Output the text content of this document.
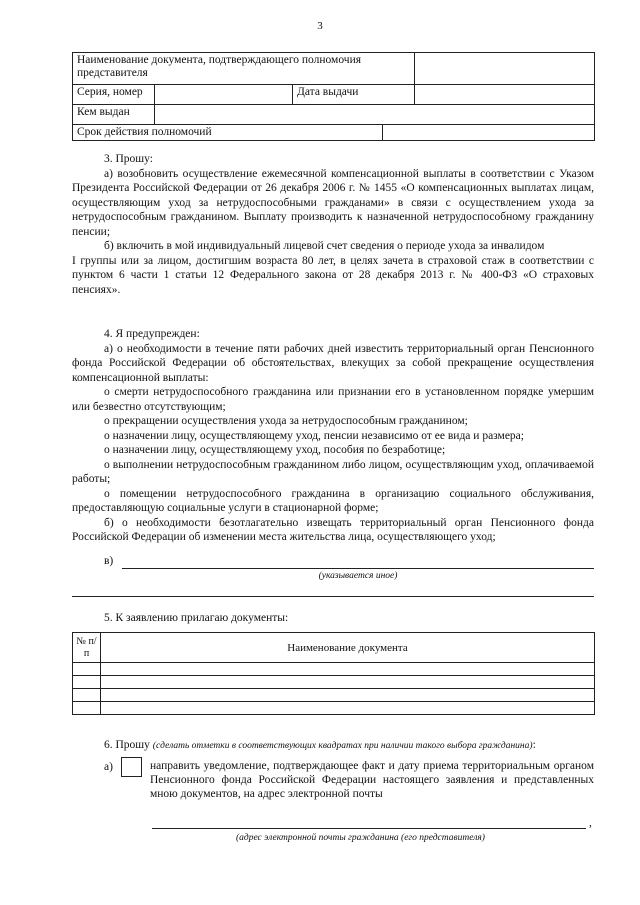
3
Наименование документа, подтверждающего полномочия представителя				
Серия, номер		Дата выдачи		
Кем выдан				
Срок действия полномочий				

3. Прошу:

а) возобновить осуществление ежемесячной компенсационной выплаты в соответствии с Указом Президента Российской Федерации от 26 декабря 2006 г. № 1455 «О компенсационных выплатах лицам, осуществляющим уход за нетрудоспособными гражданами» в связи с осуществлением ухода за нетрудоспособным гражданином. Выплату производить к назначенной нетрудоспособному гражданину пенсии;

б) включить в мой индивидуальный лицевой счет сведения о периоде ухода за инвалидом

I группы или за лицом, достигшим возраста 80 лет, в целях зачета в страховой стаж в соответствии с пунктом 6 части 1 статьи 12 Федерального закона от 28 декабря 2013 г. № 400-ФЗ «О страховых пенсиях».

4. Я предупрежден:

а) о необходимости в течение пяти рабочих дней известить территориальный орган Пенсионного фонда Российской Федерации об обстоятельствах, влекущих за собой прекращение осуществления компенсационной выплаты:

о смерти нетрудоспособного гражданина или признании его в установленном порядке умершим или безвестно отсутствующим;

о прекращении осуществления ухода за нетрудоспособным гражданином;

о назначении лицу, осуществляющему уход, пенсии независимо от ее вида и размера;

о назначении лицу, осуществляющему уход, пособия по безработице;

о выполнении нетрудоспособным гражданином либо лицом, осуществляющим уход, оплачиваемой работы;

о помещении нетрудоспособного гражданина в организацию социального обслуживания, предоставляющую социальные услуги в стационарной форме;

б) о необходимости безотлагательно извещать территориальный орган Пенсионного фонда Российской Федерации об изменении места жительства лица, осуществляющего уход;

в)
(указывается иное)
5. К заявлению прилагаю документы:
№ п/п	Наименование документа

6. Прошу (сделать отметки в соответствующих квадратах при наличии такого выбора гражданина):
а)	направить уведомление, подтверждающее факт и дату приема территориальным органом Пенсионного фонда Российской Федерации настоящего заявления и представленных мною документов, на адрес электронной почты

,
(адрес электронной почты гражданина (его представителя)
